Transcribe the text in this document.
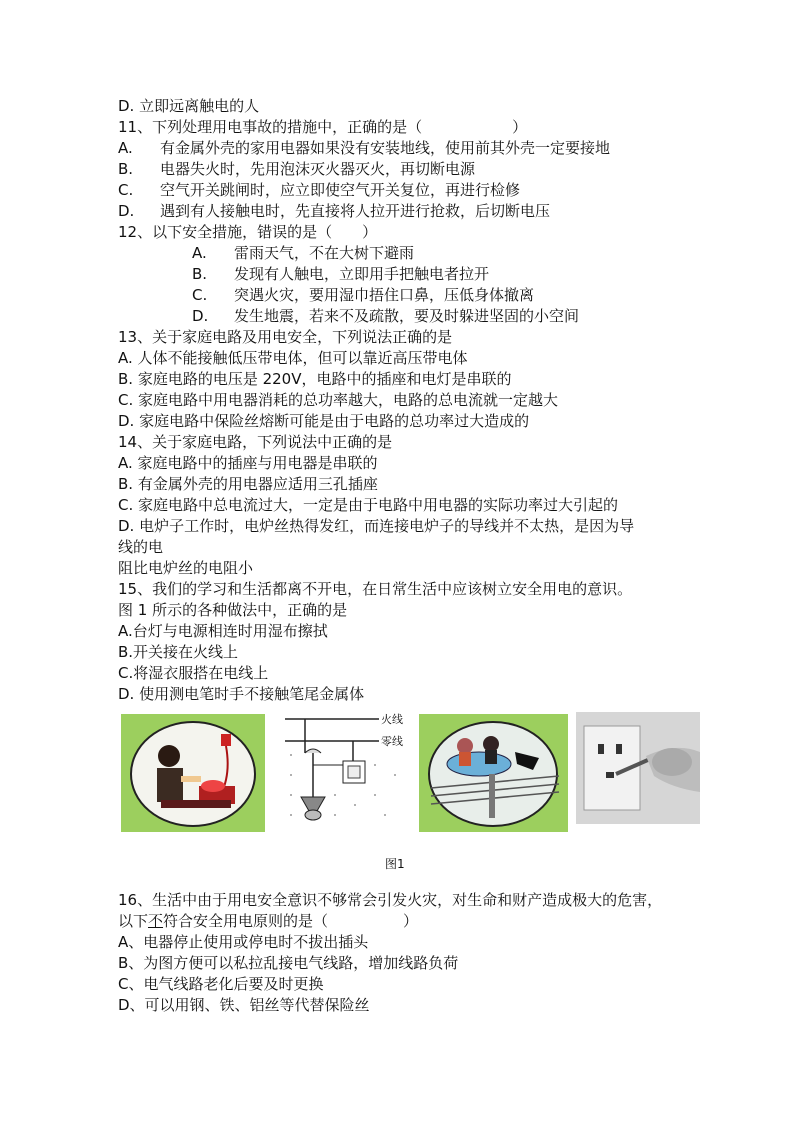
D. 立即远离触电的人
11、下列处理用电事故的措施中，正确的是（　　　　　　）
A. 有金属外壳的家用电器如果没有安装地线，使用前其外壳一定要接地
B. 电器失火时，先用泡沫灭火器灭火，再切断电源
C. 空气开关跳闸时，应立即使空气开关复位，再进行检修
D. 遇到有人接触电时，先直接将人拉开进行抢救，后切断电压
12、以下安全措施，错误的是（　　）
A. 雷雨天气，不在大树下避雨
B. 发现有人触电，立即用手把触电者拉开
C. 突遇火灾，要用湿巾捂住口鼻，压低身体撤离
D. 发生地震，若来不及疏散，要及时躲进坚固的小空间
13、关于家庭电路及用电安全，下列说法正确的是
A. 人体不能接触低压带电体，但可以靠近高压带电体
B. 家庭电路的电压是 220V，电路中的插座和电灯是串联的
C. 家庭电路中用电器消耗的总功率越大，电路的总电流就一定越大
D. 家庭电路中保险丝熔断可能是由于电路的总功率过大造成的
14、关于家庭电路，下列说法中正确的是
A. 家庭电路中的插座与用电器是串联的
B. 有金属外壳的用电器应适用三孔插座
C. 家庭电路中总电流过大，一定是由于电路中用电器的实际功率过大引起的
D. 电炉子工作时，电炉丝热得发红，而连接电炉子的导线并不太热，是因为导
线的电
阻比电炉丝的电阻小
15、我们的学习和生活都离不开电，在日常生活中应该树立安全用电的意识。
图 1 所示的各种做法中，正确的是
A.台灯与电源相连时用湿布擦拭
B.开关接在火线上
C.将湿衣服搭在电线上
D. 使用测电笔时手不接触笔尾金属体
火线
零线
图1
16、生活中由于用电安全意识不够常会引发火灾，对生命和财产造成极大的危害，
以下不符合安全用电原则的是（　　　　　）
A、电器停止使用或停电时不拔出插头
B、为图方便可以私拉乱接电气线路，增加线路负荷
C、电气线路老化后要及时更换
D、可以用钢、铁、铝丝等代替保险丝
